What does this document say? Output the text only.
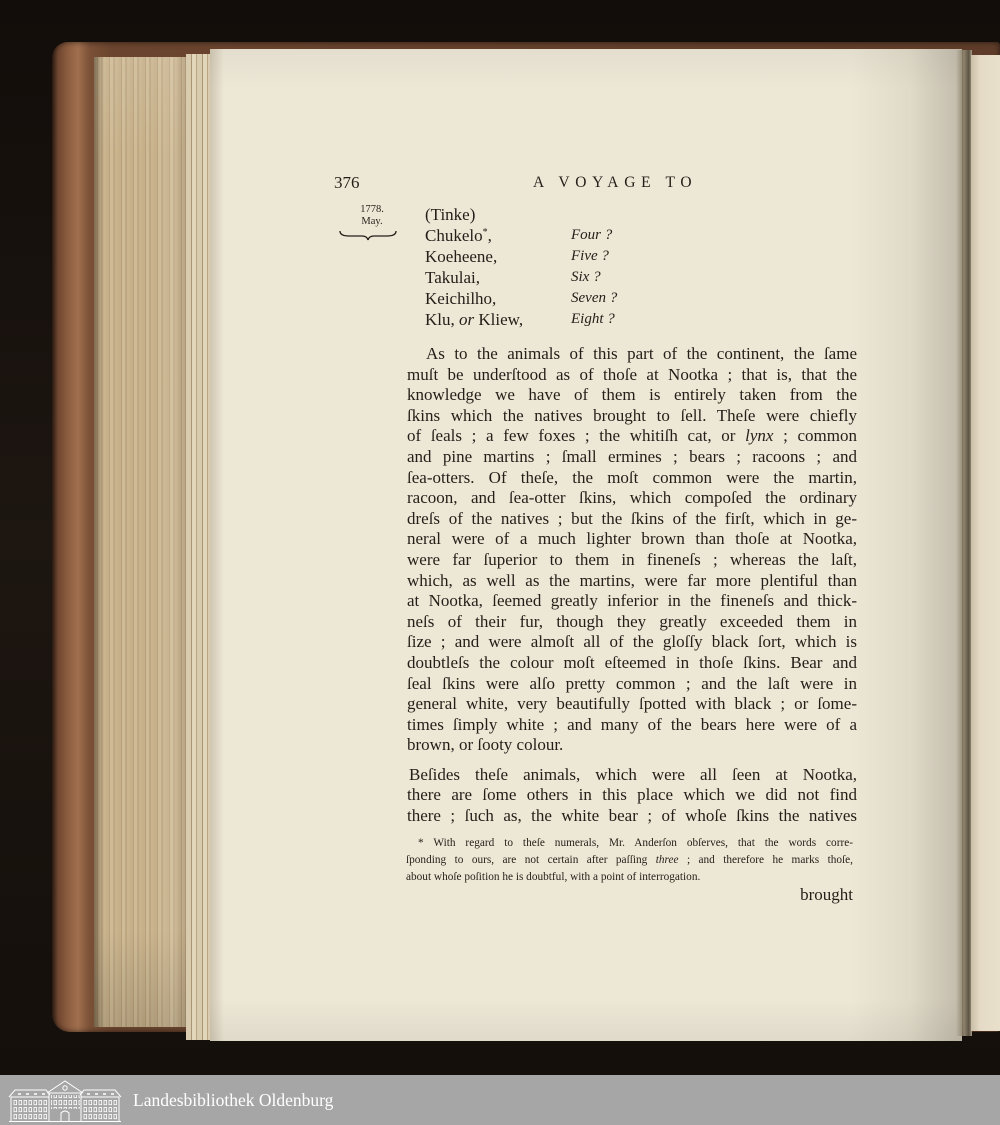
376	A VOYAGE TO
1778.
May.	(Tinke)
Chukelo*,	Four ?
Koeheene,	Five ?
Takulai,	Six ?
Keichilho,	Seven ?
Klu, or Kliew,	Eight ?
As to the animals of this part of the continent, the ſame
muſt be underſtood as of thoſe at Nootka ; that is, that the
knowledge we have of them is entirely taken from the
ſkins which the natives brought to ſell. Theſe were chiefly
of ſeals ; a few foxes ; the whitiſh cat, or lynx ; common
and pine martins ; ſmall ermines ; bears ; racoons ; and
ſea-otters. Of theſe, the moſt common were the martin,
racoon, and ſea-otter ſkins, which compoſed the ordinary
dreſs of the natives ; but the ſkins of the firſt, which in ge-
neral were of a much lighter brown than thoſe at Nootka,
were far ſuperior to them in fineneſs ; whereas the laſt,
which, as well as the martins, were far more plentiful than
at Nootka, ſeemed greatly inferior in the fineneſs and thick-
neſs of their fur, though they greatly exceeded them in
ſize ; and were almoſt all of the gloſſy black ſort, which is
doubtleſs the colour moſt eſteemed in thoſe ſkins. Bear and
ſeal ſkins were alſo pretty common ; and the laſt were in
general white, very beautifully ſpotted with black ; or ſome-
times ſimply white ; and many of the bears here were of a
brown, or ſooty colour.
Beſides theſe animals, which were all ſeen at Nootka,
there are ſome others in this place which we did not find
there ; ſuch as, the white bear ; of whoſe ſkins the natives
* With regard to theſe numerals, Mr. Anderſon obſerves, that the words corre-
ſponding to ours, are not certain after paſſing three ; and therefore he marks thoſe,
about whoſe poſition he is doubtful, with a point of interrogation.
brought
Landesbibliothek Oldenburg
